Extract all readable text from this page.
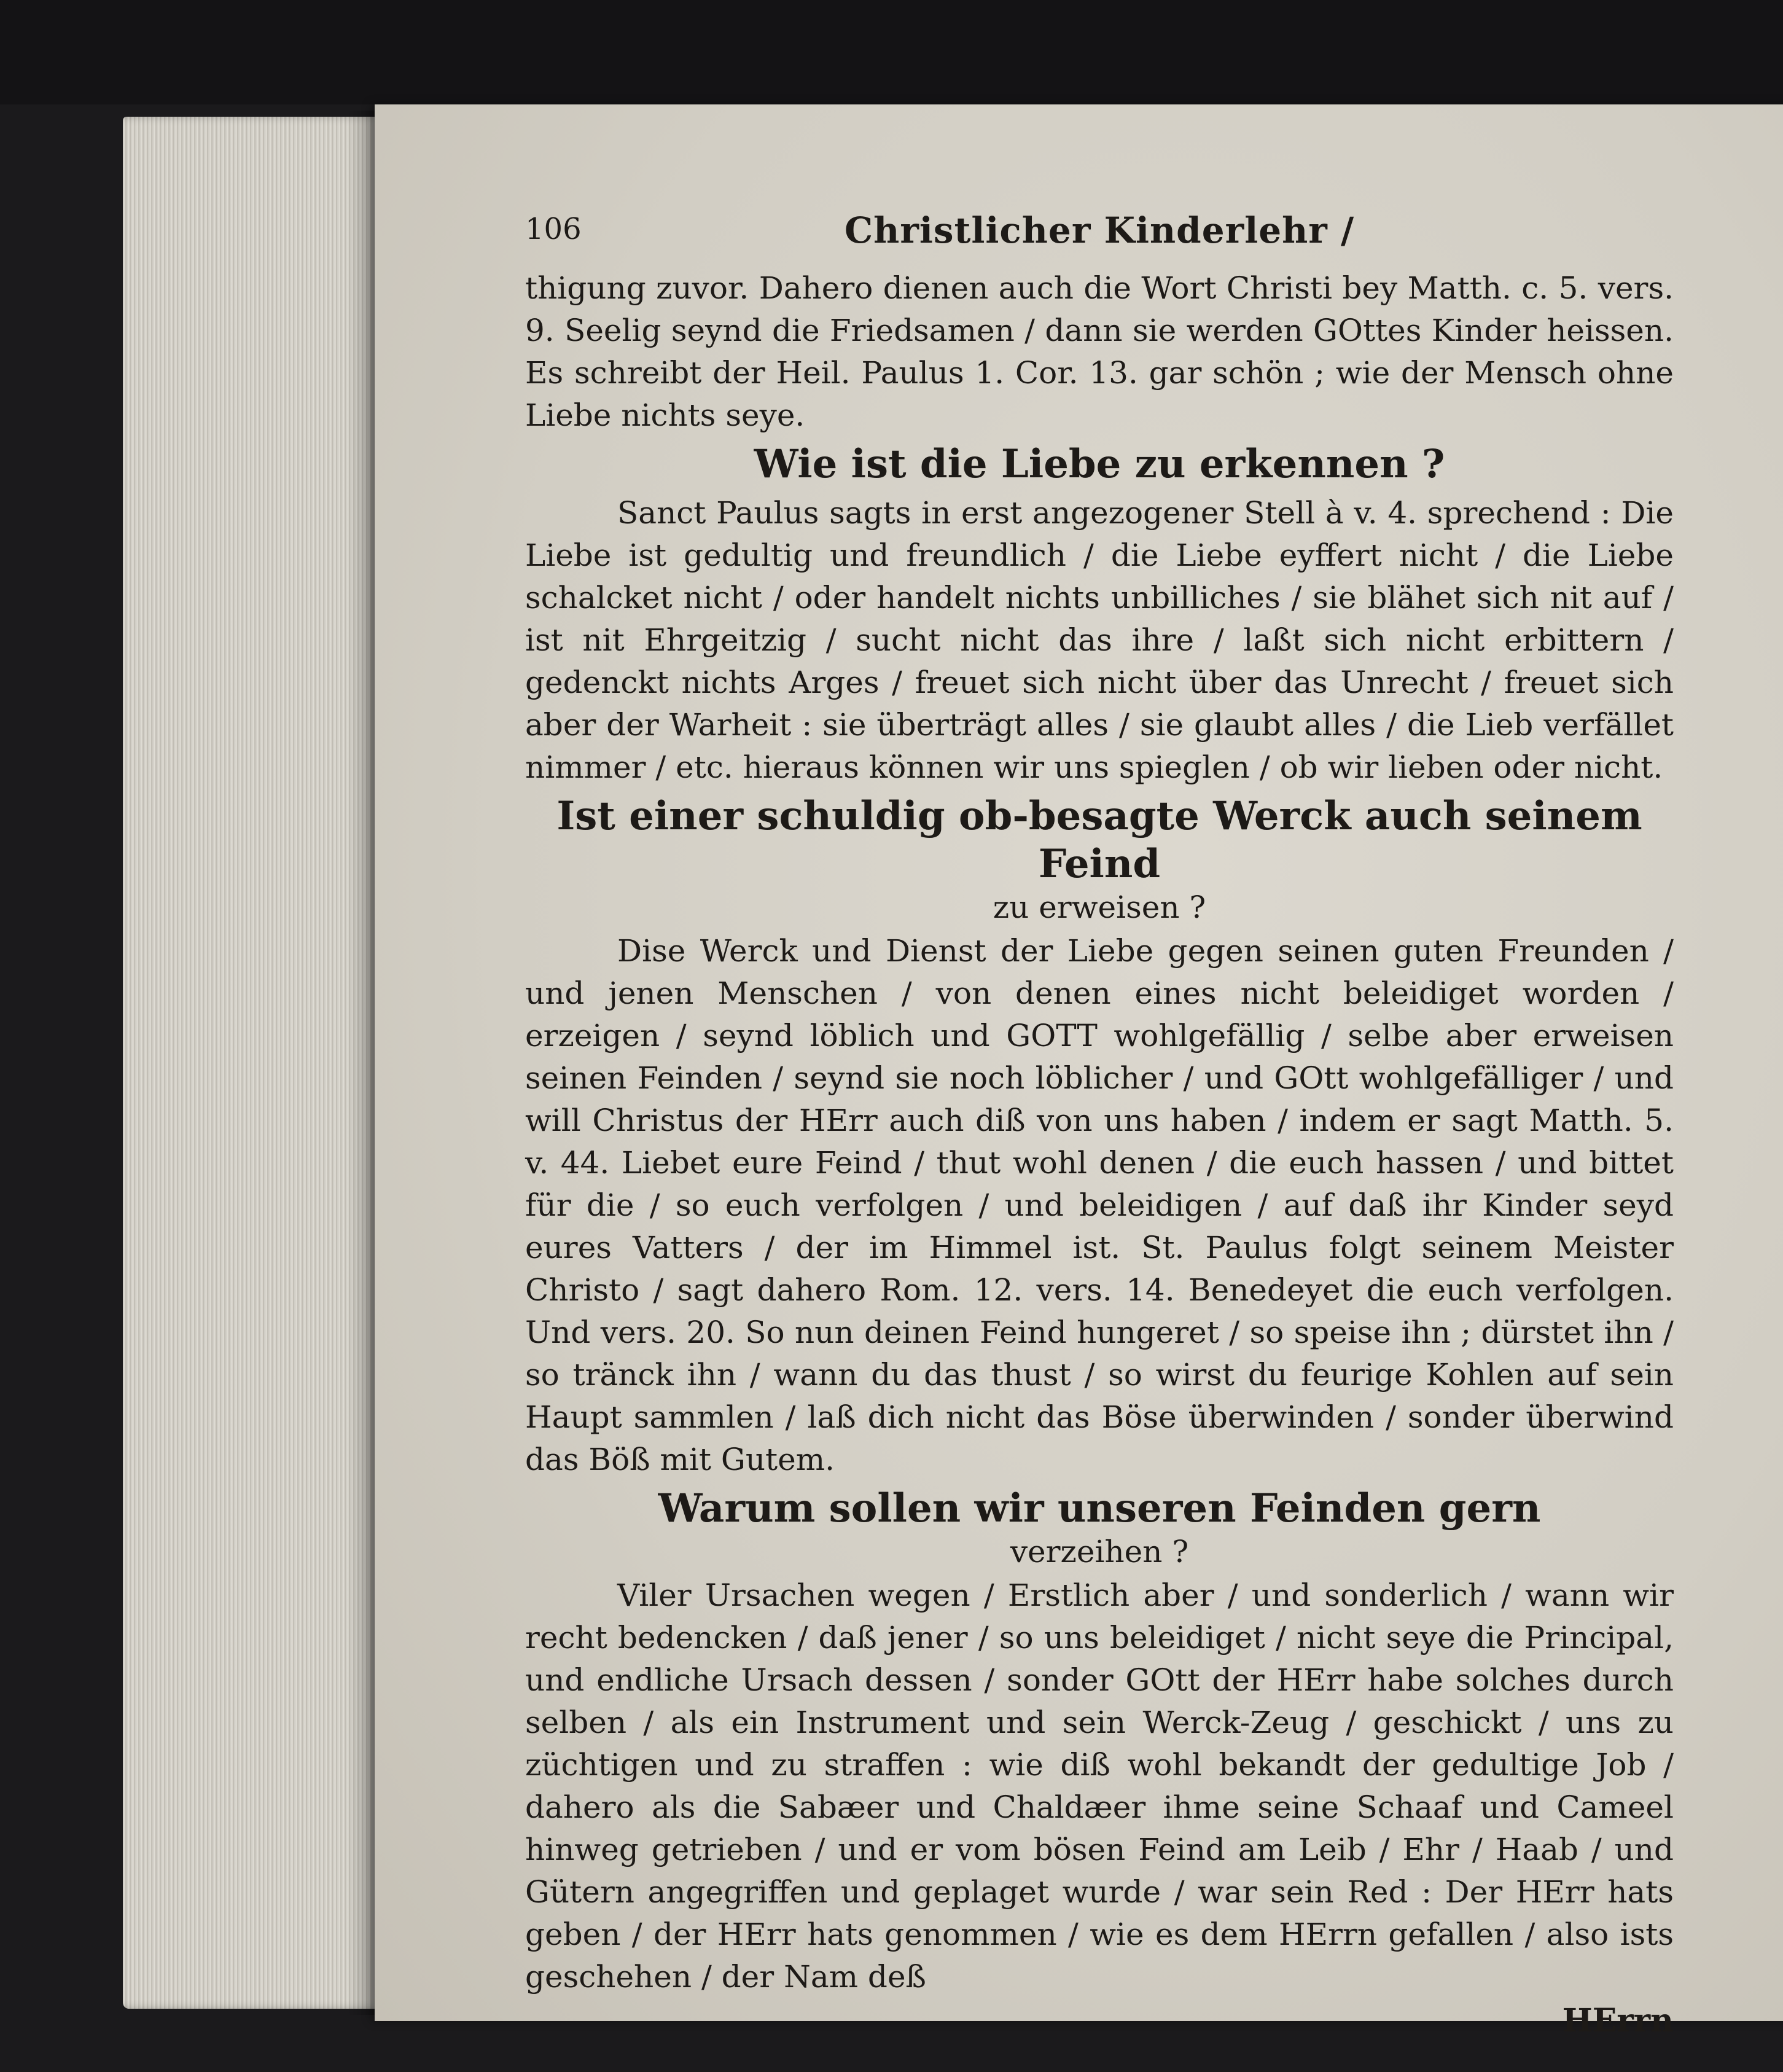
106	Christlicher Kinderlehr /

thigung zuvor. Dahero dienen auch die Wort Christi bey Matth. c. 5. vers. 9. Seelig seynd die Friedsamen / dann sie werden GOttes Kinder heissen. Es schreibt der Heil. Paulus 1. Cor. 13. gar schön ; wie der Mensch ohne Liebe nichts seye.

Wie ist die Liebe zu erkennen ?

Sanct Paulus sagts in erst angezogener Stell à v. 4. sprechend : Die Liebe ist gedultig und freundlich / die Liebe eyffert nicht / die Liebe schalcket nicht / oder handelt nichts unbilliches / sie blähet sich nit auf / ist nit Ehrgeitzig / sucht nicht das ihre / laßt sich nicht erbittern / gedenckt nichts Arges / freuet sich nicht über das Unrecht / freuet sich aber der Warheit : sie überträgt alles / sie glaubt alles / die Lieb verfället nimmer / etc. hieraus können wir uns spieglen / ob wir lieben oder nicht.

Ist einer schuldig ob-besagte Werck auch seinem Feind
zu erweisen ?

Dise Werck und Dienst der Liebe gegen seinen guten Freunden / und jenen Menschen / von denen eines nicht beleidiget worden / erzeigen / seynd löblich und GOTT wohlgefällig / selbe aber erweisen seinen Feinden / seynd sie noch löblicher / und GOtt wohlgefälliger / und will Christus der HErr auch diß von uns haben / indem er sagt Matth. 5. v. 44. Liebet eure Feind / thut wohl denen / die euch hassen / und bittet für die / so euch verfolgen / und beleidigen / auf daß ihr Kinder seyd eures Vatters / der im Himmel ist. St. Paulus folgt seinem Meister Christo / sagt dahero Rom. 12. vers. 14. Benedeyet die euch verfolgen. Und vers. 20. So nun deinen Feind hungeret / so speise ihn ; dürstet ihn / so tränck ihn / wann du das thust / so wirst du feurige Kohlen auf sein Haupt sammlen / laß dich nicht das Böse überwinden / sonder überwind das Böß mit Gutem.

Warum sollen wir unseren Feinden gern
verzeihen ?

Viler Ursachen wegen / Erstlich aber / und sonderlich / wann wir recht bedencken / daß jener / so uns beleidiget / nicht seye die Principal, und endliche Ursach dessen / sonder GOtt der HErr habe solches durch selben / als ein Instrument und sein Werck-Zeug / geschickt / uns zu züchtigen und zu straffen : wie diß wohl bekandt der gedultige Job / dahero als die Sabæer und Chaldæer ihme seine Schaaf und Cameel hinweg getrieben / und er vom bösen Feind am Leib / Ehr / Haab / und Gütern angegriffen und geplaget wurde / war sein Red : Der HErr hats geben / der HErr hats genommen / wie es dem HErrn gefallen / also ists geschehen / der Nam deß

HErrn
